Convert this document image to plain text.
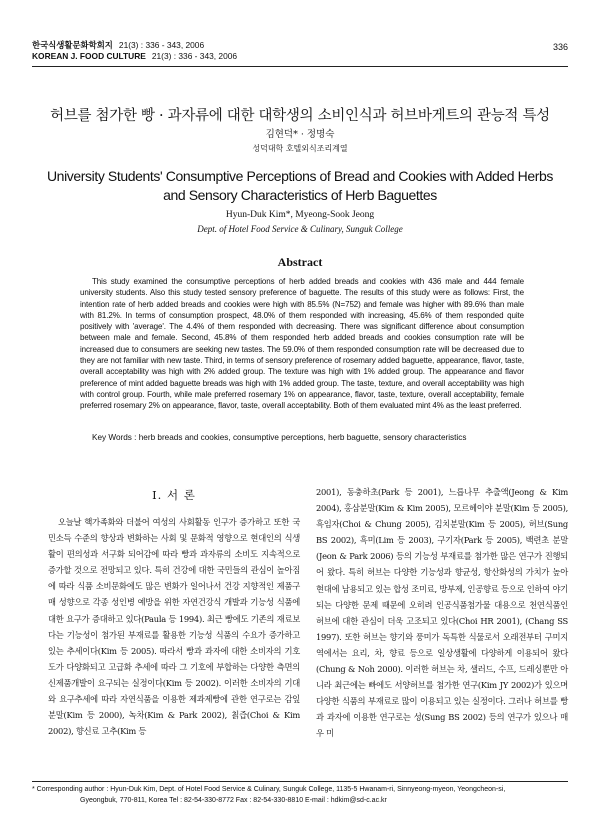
한국식생활문화학회지 21(3) : 336 - 343, 2006
KOREAN J. FOOD CULTURE 21(3) : 336 - 343, 2006
336
허브를 첨가한 빵 · 과자류에 대한 대학생의 소비인식과 허브바게트의 관능적 특성
김현덕* · 정명숙
성덕대학 호텔외식조리계열
University Students' Consumptive Perceptions of Bread and Cookies with Added Herbs
and Sensory Characteristics of Herb Baguettes
Hyun-Duk Kim*, Myeong-Sook Jeong
Dept. of Hotel Food Service & Culinary, Sunguk College
Abstract
This study examined the consumptive perceptions of herb added breads and cookies with 436 male and 444 female university students. Also this study tested sensory preference of baguette. The results of this study were as follows: First, the intention rate of herb added breads and cookies were high with 85.5% (N=752) and female was higher with 89.6% than male with 81.2%. In terms of consumption prospect, 48.0% of them responded with increasing, 45.6% of them responded quite positively with 'average'. The 4.4% of them responded with decreasing. There was significant difference about consumption between male and female. Second, 45.8% of them responded herb added breads and cookies consumption rate will be increased due to consumers are seeking new tastes. The 59.0% of them responded consumption rate will be decreased due to they are not familiar with new taste. Third, in terms of sensory preference of rosemary added baguette, appearance, flavor, taste, overall acceptability was high with 2% added group. The texture was high with 1% added group. The appearance and flavor preference of mint added baguette breads was high with 1% added group. The taste, texture, and overall acceptability was high with control group. Fourth, while male preferred rosemary 1% on appearance, flavor, taste, texture, overall acceptability, female preferred rosemary 2% on appearance, flavor, taste, overall acceptability. Both of them evaluated mint 4% as the least preferred.
Key Words : herb breads and cookies, consumptive perceptions, herb baguette, sensory characteristics
I. 서 론
오늘날 핵가족화와 더불어 여성의 사회활동 인구가 증가하고 또한 국민소득 수준의 향상과 변화하는 사회 및 문화적 영향으로 현대인의 식생활이 편의성과 서구화 되어감에 따라 빵과 과자류의 소비도 지속적으로 증가할 것으로 전망되고 있다. 특히 건강에 대한 국민들의 관심이 높아짐에 따라 식품 소비문화에도 많은 변화가 일어나서 건강 지향적인 제품구매 성향으로 각종 성인병 예방을 위한 자연건강식 개발과 기능성 식품에 대한 요구가 증대하고 있다(Paula 등 1994). 최근 빵에도 기존의 재료보다는 기능성이 첨가된 부재료를 활용한 기능성 식품의 수요가 증가하고 있는 추세이다(Kim 등 2005). 따라서 빵과 과자에 대한 소비자의 기호도가 다양화되고 고급화 추세에 따라 그 기호에 부합하는 다양한 측면의 신제품개발이 요구되는 실정이다(Kim 등 2002). 이러한 소비자의 기대와 요구추세에 따라 자연식품을 이용한 제과제빵에 관한 연구로는 감잎분말(Kim 등 2000), 녹차(Kim & Park 2002), 칡즙(Choi & Kim 2002), 향신료 고추(Kim 등
2001), 동충하초(Park 등 2001), 느릅나무 추출액(Jeong & Kim 2004), 홍삼분말(Kim & Kim 2005), 모르헤이야 분말(Kim 등 2005), 흑임자(Choi & Chung 2005), 김치분말(Kim 등 2005), 허브(Sung BS 2002), 흑미(Lim 등 2003), 구기자(Park 등 2005), 백련초 분말(Jeon & Park 2006) 등의 기능성 부재료를 첨가한 많은 연구가 진행되어 왔다. 특히 허브는 다양한 기능성과 향균성, 항산화성의 가치가 높아 현대에 남용되고 있는 합성 조미료, 방부제, 인공향료 등으로 인하여 야기되는 다양한 문제 때문에 오히려 인공식품첨가물 대용으로 천연식품인 허브에 대한 관심이 더욱 고조되고 있다(Choi HR 2001), (Chang SS 1997). 또한 허브는 향기와 풍미가 독특한 식물로서 오래전부터 구미지역에서는 요리, 차, 향료 등으로 일상생활에 다양하게 이용되어 왔다(Chung & Noh 2000). 이러한 허브는 차, 샐러드, 수프, 드레싱뿐만 아니라 최근에는 빠에도 서양허브를 첨가한 연구(Kim JY 2002)가 있으며 다양한 식품의 부재료로 많이 이용되고 있는 실정이다. 그러나 허브를 빵과 과자에 이용한 연구로는 성(Sung BS 2002) 등의 연구가 있으나 매우 미
* Corresponding author : Hyun-Duk Kim, Dept. of Hotel Food Service & Culinary, Sunguk College, 1135-5 Hwanam-ri, Sinnyeong-myeon, Yeongcheon-si,
Gyeongbuk, 770-811, Korea Tel : 82-54-330-8772 Fax : 82-54-330-8810 E-mail : hdkim@sd-c.ac.kr
